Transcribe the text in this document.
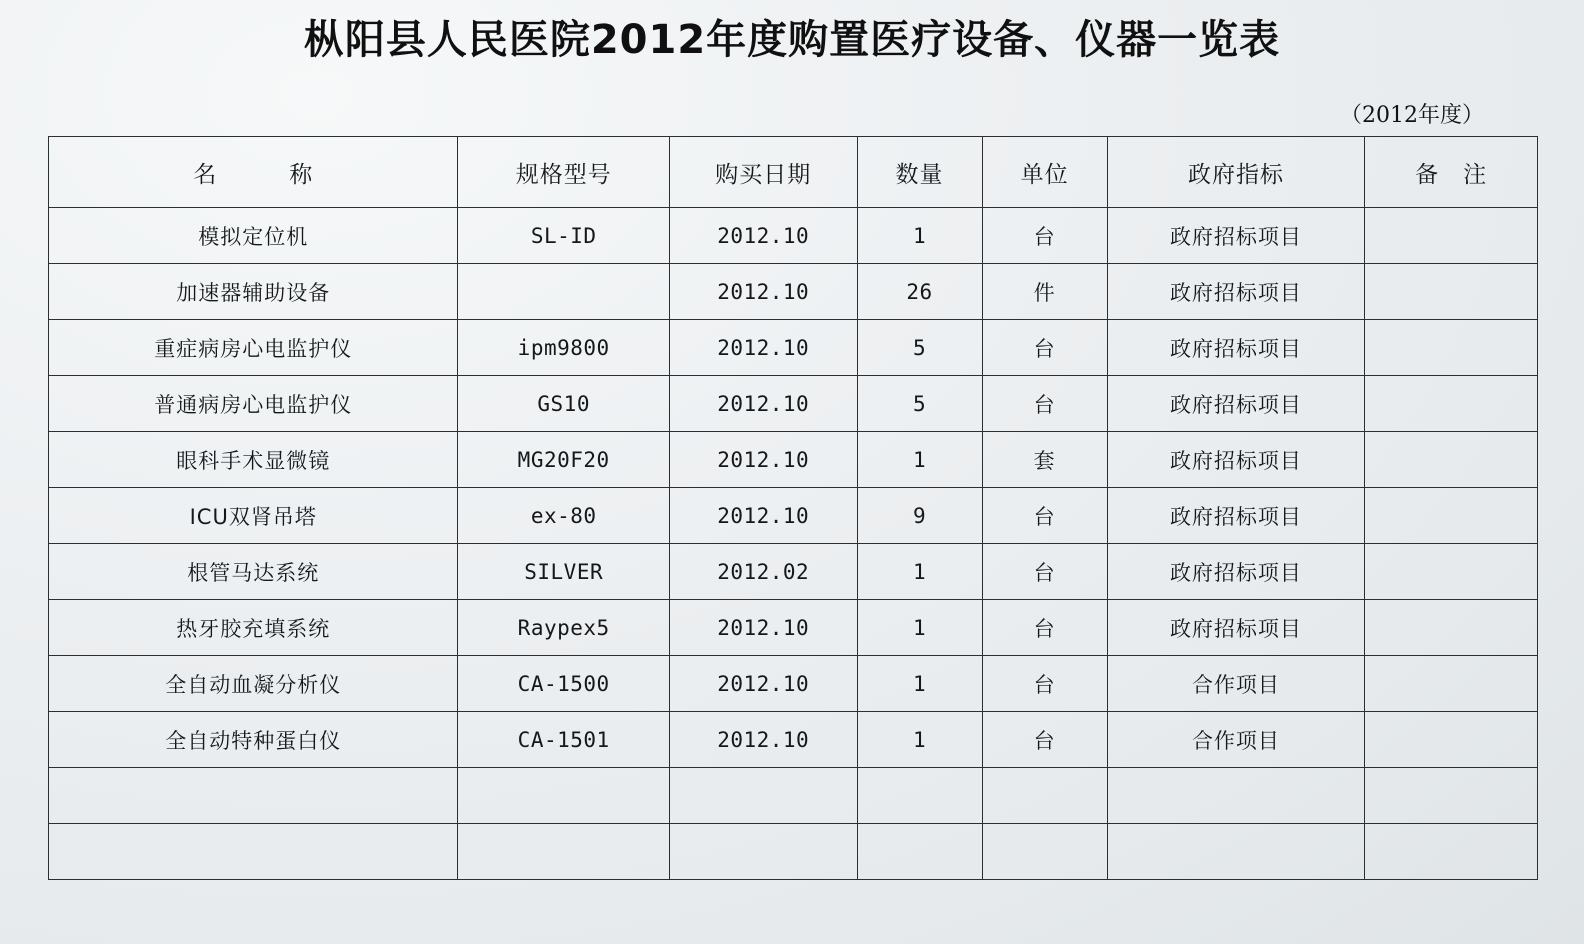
枞阳县人民医院2012年度购置医疗设备、仪器一览表
（2012年度）
名　　　称	规格型号	购买日期	数量	单位	政府指标	备　注
模拟定位机	SL-ID	2012.10	1	台	政府招标项目	
加速器辅助设备		2012.10	26	件	政府招标项目	
重症病房心电监护仪	ipm9800	2012.10	5	台	政府招标项目	
普通病房心电监护仪	GS10	2012.10	5	台	政府招标项目	
眼科手术显微镜	MG20F20	2012.10	1	套	政府招标项目	
ICU双肾吊塔	ex-80	2012.10	9	台	政府招标项目	
根管马达系统	SILVER	2012.02	1	台	政府招标项目	
热牙胶充填系统	Raypex5	2012.10	1	台	政府招标项目	
全自动血凝分析仪	CA-1500	2012.10	1	台	合作项目	
全自动特种蛋白仪	CA-1501	2012.10	1	台	合作项目	
